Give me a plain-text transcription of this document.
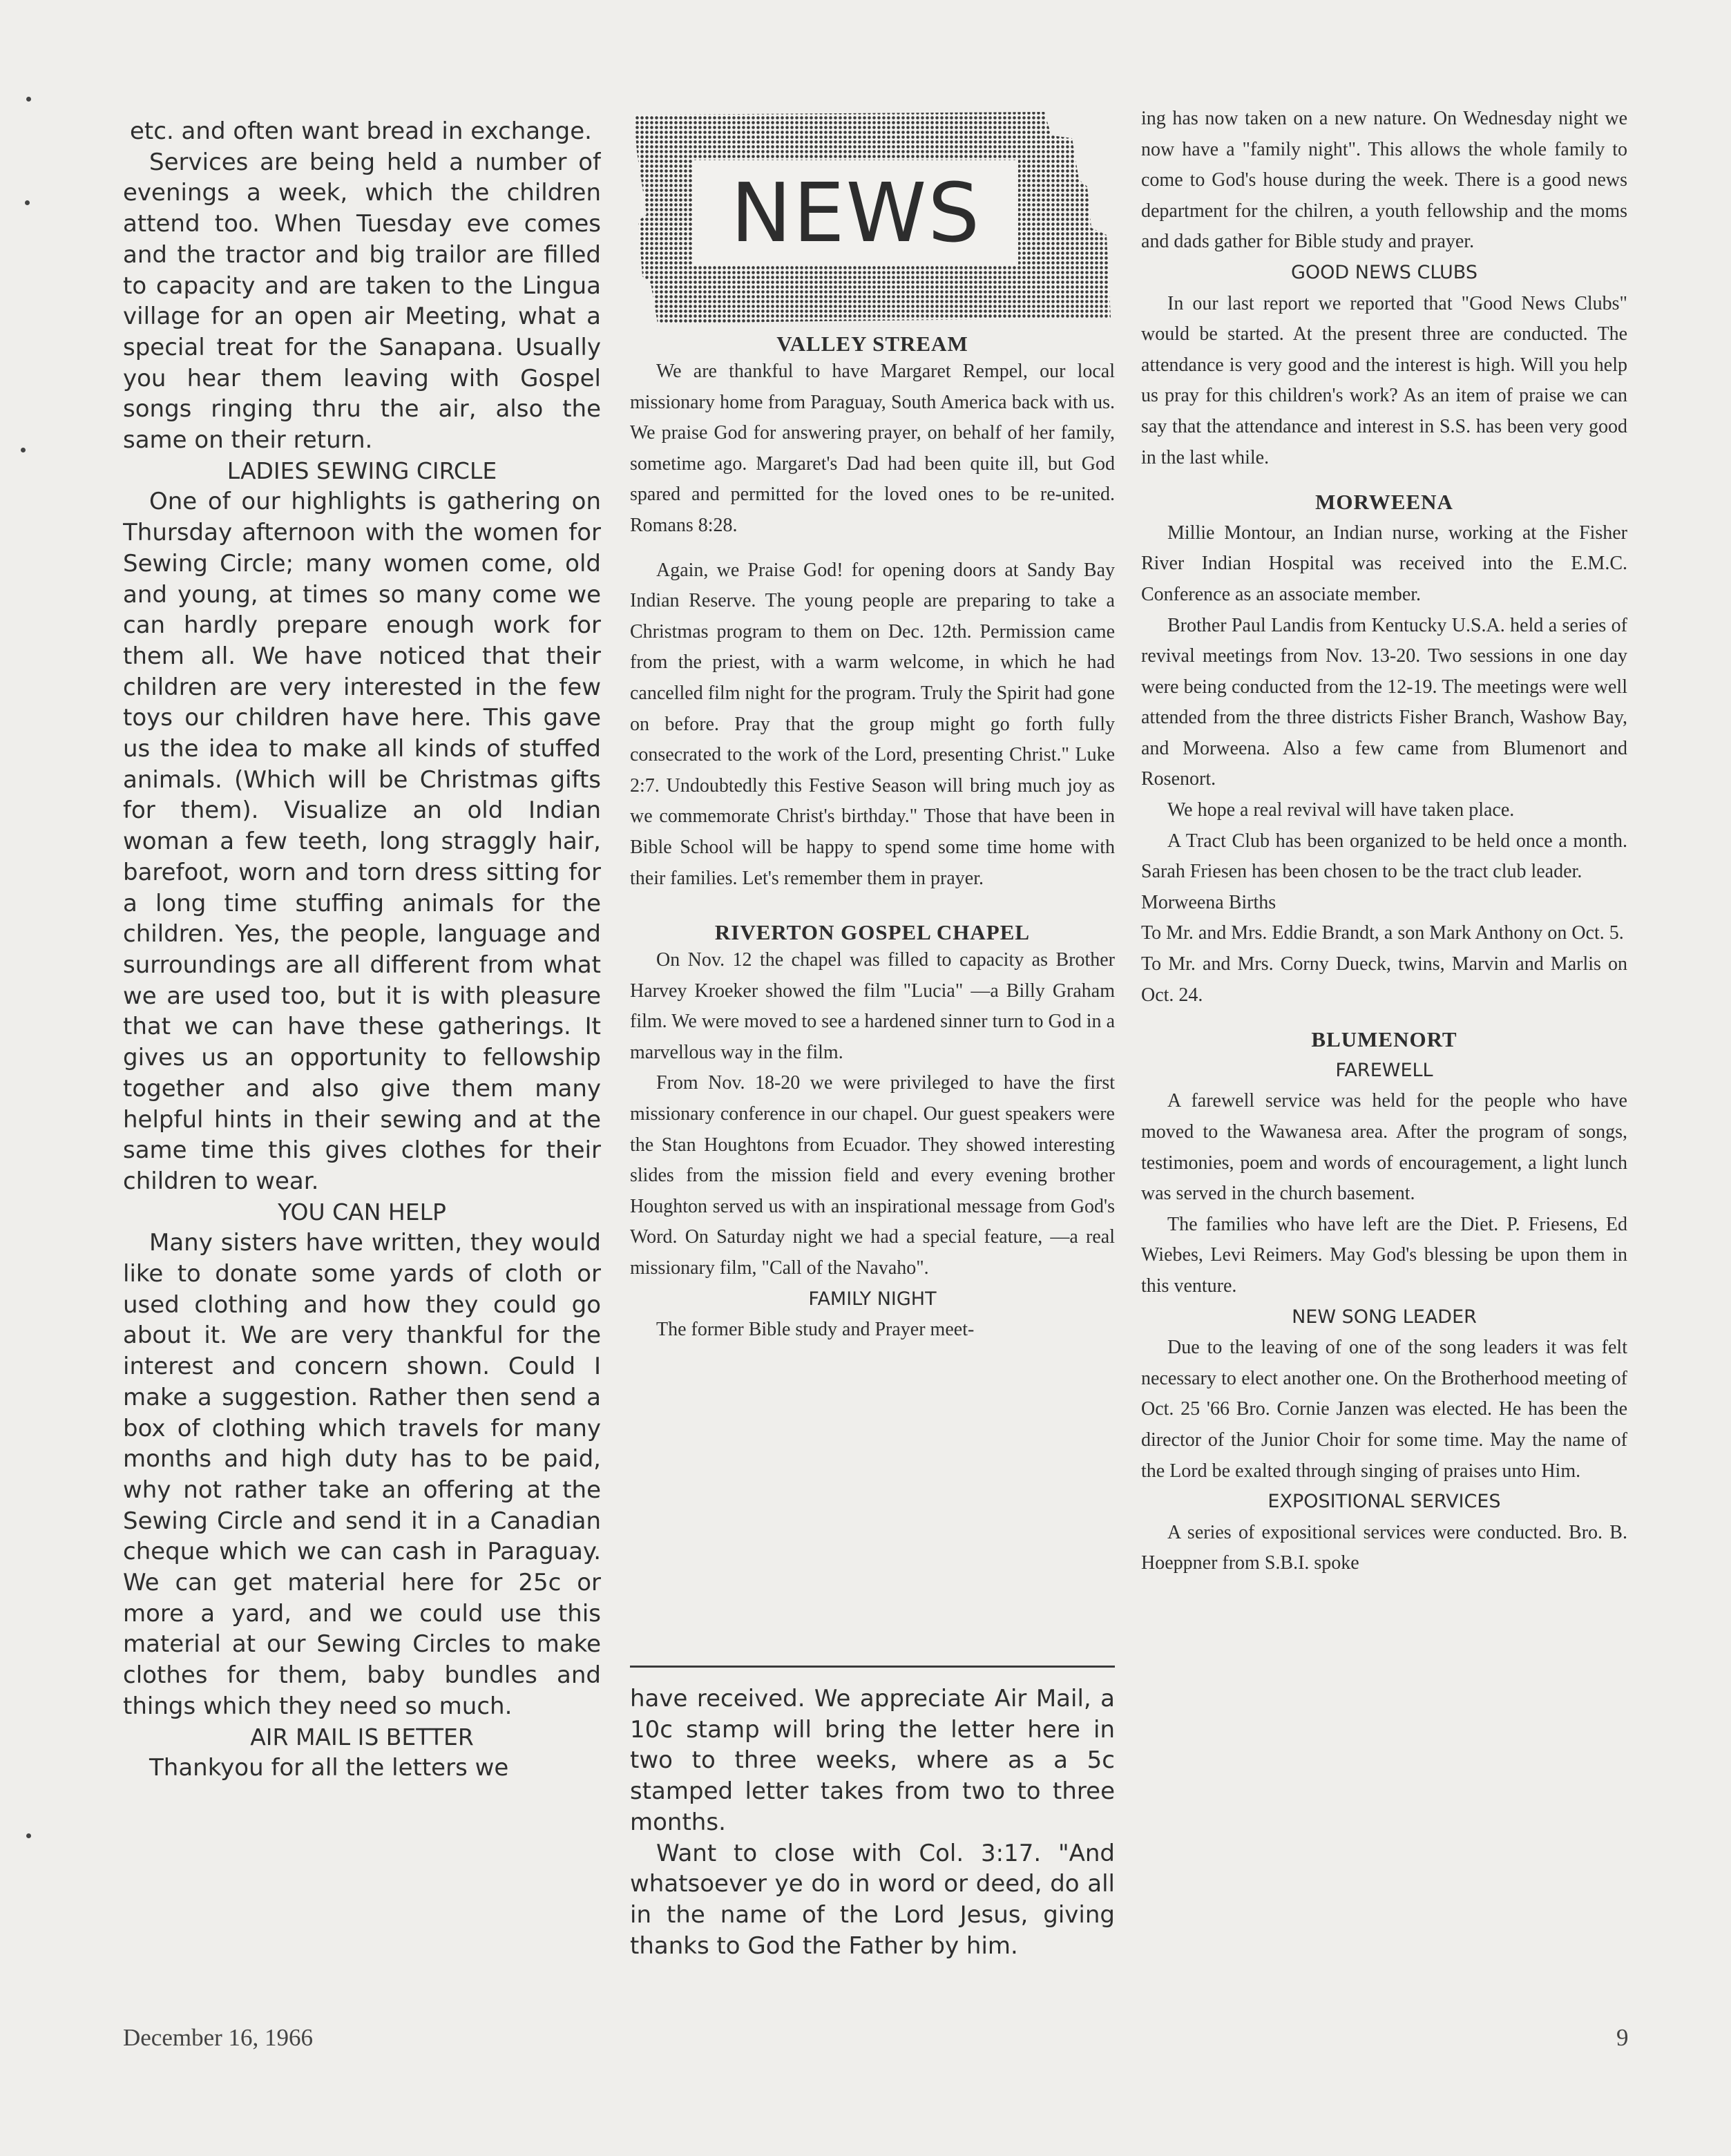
etc. and often want bread in exchange.

Services are being held a number of evenings a week, which the children attend too. When Tuesday eve comes and the tractor and big trailor are filled to capacity and are taken to the Lingua village for an open air Meeting, what a special treat for the Sanapana. Usually you hear them leaving with Gospel songs ringing thru the air, also the same on their return.

LADIES SEWING CIRCLE

One of our highlights is gathering on Thursday afternoon with the women for Sewing Circle; many women come, old and young, at times so many come we can hardly prepare enough work for them all. We have noticed that their children are very interested in the few toys our children have here. This gave us the idea to make all kinds of stuffed animals. (Which will be Christmas gifts for them). Visualize an old Indian woman a few teeth, long straggly hair, barefoot, worn and torn dress sitting for a long time stuffing animals for the children. Yes, the people, language and surroundings are all different from what we are used too, but it is with pleasure that we can have these gatherings. It gives us an opportunity to fellowship together and also give them many helpful hints in their sewing and at the same time this gives clothes for their children to wear.

YOU CAN HELP

Many sisters have written, they would like to donate some yards of cloth or used clothing and how they could go about it. We are very thankful for the interest and concern shown. Could I make a suggestion. Rather then send a box of clothing which travels for many months and high duty has to be paid, why not rather take an offering at the Sewing Circle and send it in a Canadian cheque which we can cash in Paraguay. We can get material here for 25c or more a yard, and we could use this material at our Sewing Circles to make clothes for them, baby bundles and things which they need so much.

AIR MAIL IS BETTER

Thankyou for all the letters we

NEWS

VALLEY STREAM

We are thankful to have Margaret Rempel, our local missionary home from Paraguay, South America back with us. We praise God for answering prayer, on behalf of her family, sometime ago. Margaret's Dad had been quite ill, but God spared and permitted for the loved ones to be re-united. Romans 8:28.

Again, we Praise God! for opening doors at Sandy Bay Indian Reserve. The young people are preparing to take a Christmas program to them on Dec. 12th. Permission came from the priest, with a warm welcome, in which he had cancelled film night for the program. Truly the Spirit had gone on before. Pray that the group might go forth fully consecrated to the work of the Lord, presenting Christ." Luke 2:7. Undoubtedly this Festive Season will bring much joy as we commemorate Christ's birthday." Those that have been in Bible School will be happy to spend some time home with their families. Let's remember them in prayer.

RIVERTON GOSPEL CHAPEL

On Nov. 12 the chapel was filled to capacity as Brother Harvey Kroeker showed the film "Lucia" —a Billy Graham film. We were moved to see a hardened sinner turn to God in a marvellous way in the film.

From Nov. 18-20 we were privileged to have the first missionary conference in our chapel. Our guest speakers were the Stan Houghtons from Ecuador. They showed interesting slides from the mission field and every evening brother Houghton served us with an inspirational message from God's Word. On Saturday night we had a special feature, —a real missionary film, "Call of the Navaho".

FAMILY NIGHT

The former Bible study and Prayer meet-

have received. We appreciate Air Mail, a 10c stamp will bring the letter here in two to three weeks, where as a 5c stamped letter takes from two to three months.

Want to close with Col. 3:17. "And whatsoever ye do in word or deed, do all in the name of the Lord Jesus, giving thanks to God the Father by him.

ing has now taken on a new nature. On Wednesday night we now have a "family night". This allows the whole family to come to God's house during the week. There is a good news department for the chilren, a youth fellowship and the moms and dads gather for Bible study and prayer.

GOOD NEWS CLUBS

In our last report we reported that "Good News Clubs" would be started. At the present three are conducted. The attendance is very good and the interest is high. Will you help us pray for this children's work? As an item of praise we can say that the attendance and interest in S.S. has been very good in the last while.

MORWEENA

Millie Montour, an Indian nurse, working at the Fisher River Indian Hospital was received into the E.M.C. Conference as an associate member.

Brother Paul Landis from Kentucky U.S.A. held a series of revival meetings from Nov. 13-20. Two sessions in one day were being conducted from the 12-19. The meetings were well attended from the three districts Fisher Branch, Washow Bay, and Morweena. Also a few came from Blumenort and Rosenort.

We hope a real revival will have taken place.

A Tract Club has been organized to be held once a month. Sarah Friesen has been chosen to be the tract club leader.

Morweena Births

To Mr. and Mrs. Eddie Brandt, a son Mark Anthony on Oct. 5.

To Mr. and Mrs. Corny Dueck, twins, Marvin and Marlis on Oct. 24.

BLUMENORT

FAREWELL

A farewell service was held for the people who have moved to the Wawanesa area. After the program of songs, testimonies, poem and words of encouragement, a light lunch was served in the church basement.

The families who have left are the Diet. P. Friesens, Ed Wiebes, Levi Reimers. May God's blessing be upon them in this venture.

NEW SONG LEADER

Due to the leaving of one of the song leaders it was felt necessary to elect another one. On the Brotherhood meeting of Oct. 25 '66 Bro. Cornie Janzen was elected. He has been the director of the Junior Choir for some time. May the name of the Lord be exalted through singing of praises unto Him.

EXPOSITIONAL SERVICES

A series of expositional services were conducted. Bro. B. Hoeppner from S.B.I. spoke

December 16, 1966	9
